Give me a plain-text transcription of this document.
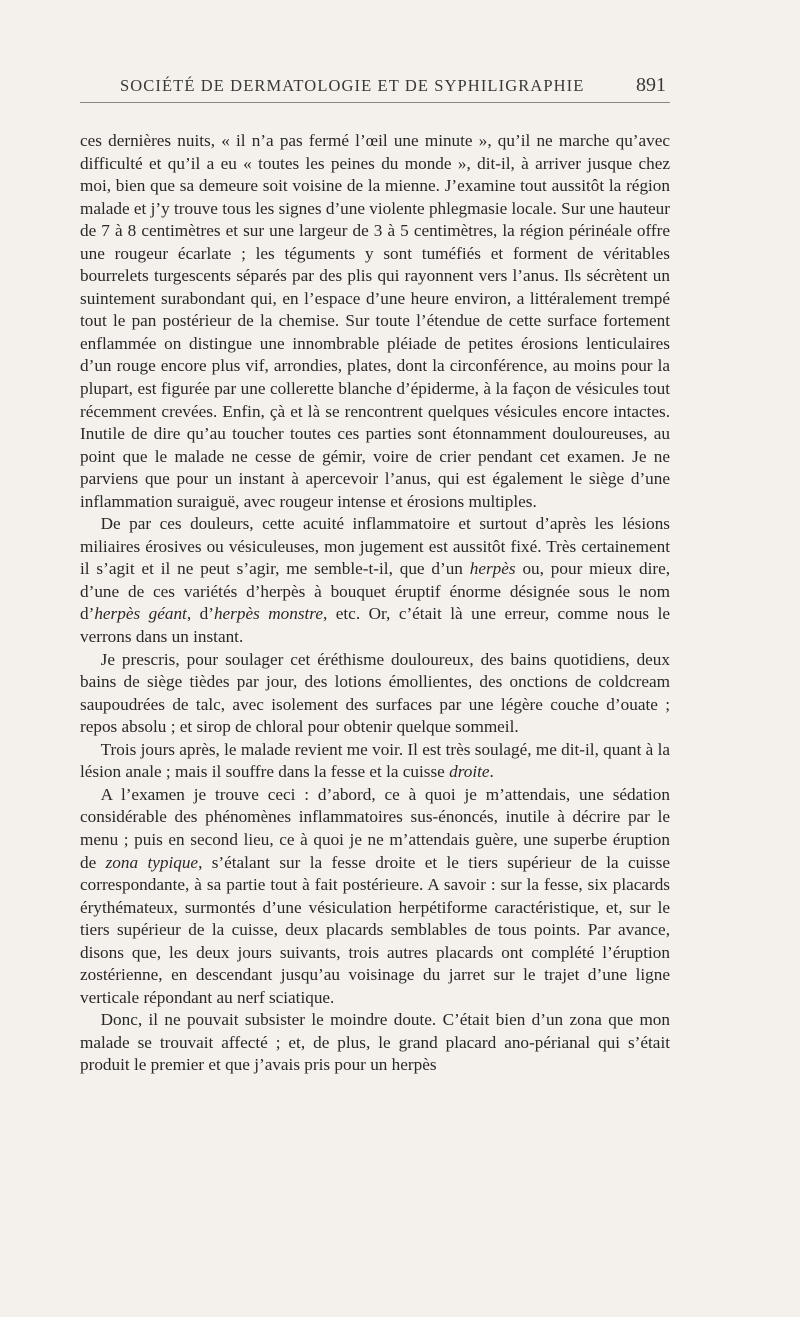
SOCIÉTÉ DE DERMATOLOGIE ET DE SYPHILIGRAPHIE	891

ces dernières nuits, « il n’a pas fermé l’œil une minute », qu’il ne marche qu’avec difficulté et qu’il a eu « toutes les peines du monde », dit-il, à arriver jusque chez moi, bien que sa demeure soit voisine de la mienne. J’examine tout aussitôt la région malade et j’y trouve tous les signes d’une violente phlegmasie locale. Sur une hauteur de 7 à 8 centimètres et sur une largeur de 3 à 5 centimètres, la région périnéale offre une rougeur écarlate ; les téguments y sont tuméfiés et forment de véritables bourrelets turgescents séparés par des plis qui rayonnent vers l’anus. Ils sécrètent un suintement surabondant qui, en l’espace d’une heure environ, a littéralement trempé tout le pan postérieur de la chemise. Sur toute l’étendue de cette surface fortement enflammée on distingue une innombrable pléiade de petites érosions lenticulaires d’un rouge encore plus vif, arrondies, plates, dont la circonférence, au moins pour la plupart, est figurée par une collerette blanche d’épiderme, à la façon de vésicules tout récemment crevées. Enfin, çà et là se rencontrent quelques vésicules encore intactes. Inutile de dire qu’au toucher toutes ces parties sont étonnamment douloureuses, au point que le malade ne cesse de gémir, voire de crier pendant cet examen. Je ne parviens que pour un instant à apercevoir l’anus, qui est également le siège d’une inflammation suraiguë, avec rougeur intense et érosions multiples.

De par ces douleurs, cette acuité inflammatoire et surtout d’après les lésions miliaires érosives ou vésiculeuses, mon jugement est aussitôt fixé. Très certainement il s’agit et il ne peut s’agir, me semble-t-il, que d’un herpès ou, pour mieux dire, d’une de ces variétés d’herpès à bouquet éruptif énorme désignée sous le nom d’herpès géant, d’herpès monstre, etc. Or, c’était là une erreur, comme nous le verrons dans un instant.

Je prescris, pour soulager cet éréthisme douloureux, des bains quotidiens, deux bains de siège tièdes par jour, des lotions émollientes, des onctions de coldcream saupoudrées de talc, avec isolement des surfaces par une légère couche d’ouate ; repos absolu ; et sirop de chloral pour obtenir quelque sommeil.

Trois jours après, le malade revient me voir. Il est très soulagé, me dit-il, quant à la lésion anale ; mais il souffre dans la fesse et la cuisse droite.

A l’examen je trouve ceci : d’abord, ce à quoi je m’attendais, une sédation considérable des phénomènes inflammatoires sus-énoncés, inutile à décrire par le menu ; puis en second lieu, ce à quoi je ne m’attendais guère, une superbe éruption de zona typique, s’étalant sur la fesse droite et le tiers supérieur de la cuisse correspondante, à sa partie tout à fait postérieure. A savoir : sur la fesse, six placards érythémateux, surmontés d’une vésiculation herpétiforme caractéristique, et, sur le tiers supérieur de la cuisse, deux placards semblables de tous points. Par avance, disons que, les deux jours suivants, trois autres placards ont complété l’éruption zostérienne, en descendant jusqu’au voisinage du jarret sur le trajet d’une ligne verticale répondant au nerf sciatique.

Donc, il ne pouvait subsister le moindre doute. C’était bien d’un zona que mon malade se trouvait affecté ; et, de plus, le grand placard ano-périanal qui s’était produit le premier et que j’avais pris pour un herpès
